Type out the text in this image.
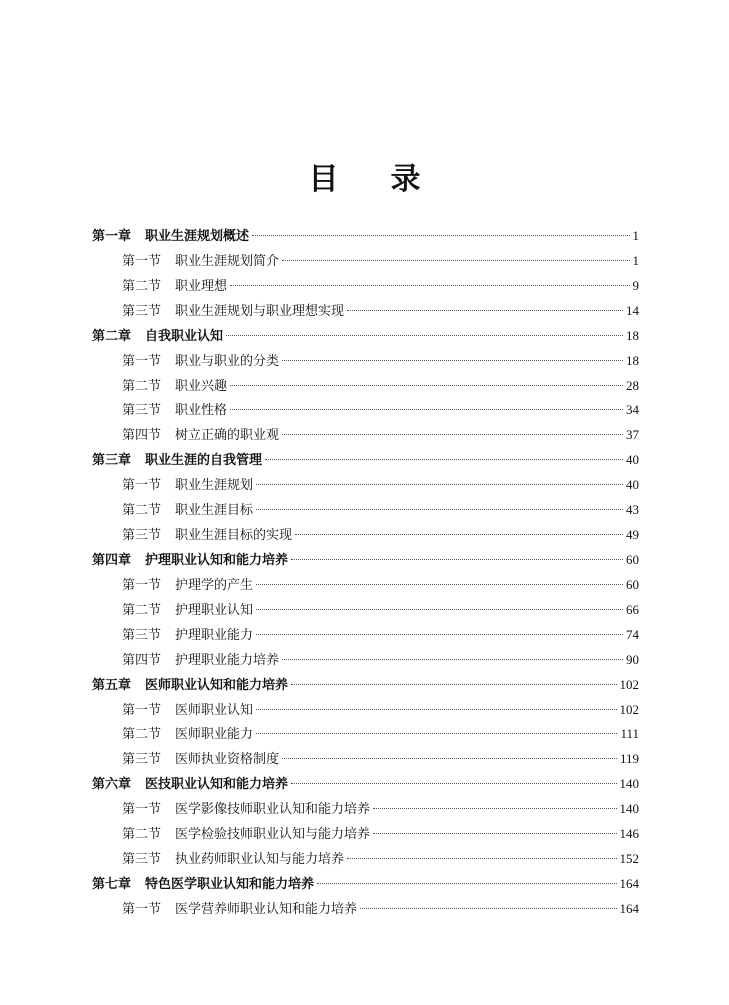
目录
第一章 职业生涯规划概述	1
第一节 职业生涯规划简介	1
第二节 职业理想	9
第三节 职业生涯规划与职业理想实现	14
第二章 自我职业认知	18
第一节 职业与职业的分类	18
第二节 职业兴趣	28
第三节 职业性格	34
第四节 树立正确的职业观	37
第三章 职业生涯的自我管理	40
第一节 职业生涯规划	40
第二节 职业生涯目标	43
第三节 职业生涯目标的实现	49
第四章 护理职业认知和能力培养	60
第一节 护理学的产生	60
第二节 护理职业认知	66
第三节 护理职业能力	74
第四节 护理职业能力培养	90
第五章 医师职业认知和能力培养	102
第一节 医师职业认知	102
第二节 医师职业能力	111
第三节 医师执业资格制度	119
第六章 医技职业认知和能力培养	140
第一节 医学影像技师职业认知和能力培养	140
第二节 医学检验技师职业认知与能力培养	146
第三节 执业药师职业认知与能力培养	152
第七章 特色医学职业认知和能力培养	164
第一节 医学营养师职业认知和能力培养	164
